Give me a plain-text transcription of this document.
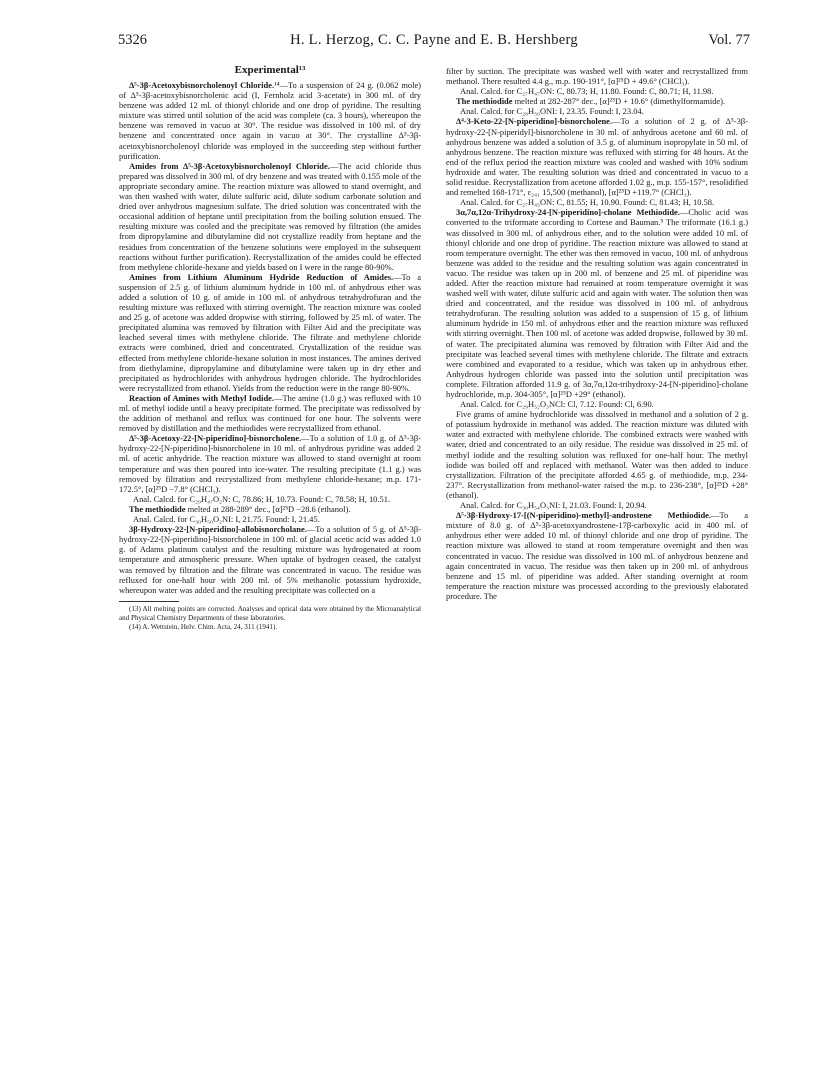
5326	H. L. Herzog, C. C. Payne and E. B. Hershberg	Vol. 77
Experimental¹³

Δ⁵-3β-Acetoxybisnorcholenoyl Chloride.¹⁴—To a suspension of 24 g. (0.062 mole) of Δ⁵-3β-acetoxybisnorcholenic acid (I, Fernholz acid 3-acetate) in 300 ml. of dry benzene was added 12 ml. of thionyl chloride and one drop of pyridine. The resulting mixture was stirred until solution of the acid was complete (ca. 3 hours), whereupon the benzene was removed in vacuo at 30°. The residue was dissolved in 100 ml. of dry benzene and concentrated once again in vacuo at 30°. The crystalline Δ⁵-3β-acetoxybisnorcholenoyl chloride was employed in the succeeding step without further purification.

Amides from Δ⁵-3β-Acetoxybisnorcholenoyl Chloride.—The acid chloride thus prepared was dissolved in 300 ml. of dry benzene and was treated with 0.155 mole of the appropriate secondary amine. The reaction mixture was allowed to stand overnight, and was then washed with water, dilute sulfuric acid, dilute sodium carbonate solution and dried over anhydrous magnesium sulfate. The dried solution was concentrated with the occasional addition of heptane until precipitation from the boiling solution ensued. The resulting mixture was cooled and the precipitate was removed by filtration (the amides from dipropylamine and dibutylamine did not crystallize readily from heptane and the residues from concentration of the benzene solutions were employed in the subsequent reactions without further purification). Recrystallization of the amides could be effected from methylene chloride-hexane and yields based on I were in the range 80-90%.

Amines from Lithium Aluminum Hydride Reduction of Amides.—To a suspension of 2.5 g. of lithium aluminum hydride in 100 ml. of anhydrous ether was added a solution of 10 g. of amide in 100 ml. of anhydrous tetrahydrofuran and the resulting mixture was refluxed with stirring overnight. The reaction mixture was cooled and 25 g. of acetone was added dropwise with stirring, followed by 25 ml. of water. The precipitated alumina was removed by filtration with Filter Aid and the precipitate was leached several times with methylene chloride. The filtrate and methylene chloride extracts were combined, dried and concentrated. Crystallization of the residue was effected from methylene chloride-hexane solution in most instances. The amines derived from diethylamine, dipropylamine and dibutylamine were taken up in dry ether and precipitated as hydrochlorides with anhydrous hydrogen chloride. The hydrochlorides were recrystallized from ethanol. Yields from the reduction were in the range 80-90%.

Reaction of Amines with Methyl Iodide.—The amine (1.0 g.) was refluxed with 10 ml. of methyl iodide until a heavy precipitate formed. The precipitate was redissolved by the addition of methanol and reflux was continued for one hour. The solvents were removed by distillation and the methiodides were recrystallized from ethanol.

Δ⁵-3β-Acetoxy-22-[N-piperidino]-bisnorcholene.—To a solution of 1.0 g. of Δ⁵-3β-hydroxy-22-[N-piperidino]-bisnorcholene in 10 ml. of anhydrous pyridine was added 2 ml. of acetic anhydride. The reaction mixture was allowed to stand overnight at room temperature and was then poured into ice-water. The resulting precipitate (1.1 g.) was removed by filtration and recrystallized from methylene chloride-hexane; m.p. 171-172.5°, [α]²⁵D −7.8° (CHCl₃).

Anal. Calcd. for C₂₉H₄₇O₂N: C, 78.86; H, 10.73. Found: C, 78.58; H, 10.51.

The methiodide melted at 288-289° dec., [α]²⁵D −28.6 (ethanol).

Anal. Calcd. for C₃₀H₅₀O₂NI: I, 21.75. Found: I, 21.45.

3β-Hydroxy-22-[N-piperidino]-allobisnorcholane.—To a solution of 5 g. of Δ⁵-3β-hydroxy-22-[N-piperidino]-bisnorcholene in 100 ml. of glacial acetic acid was added 1.0 g. of Adams platinum catalyst and the resulting mixture was hydrogenated at room temperature and atmospheric pressure. When uptake of hydrogen ceased, the catalyst was removed by filtration and the filtrate was concentrated in vacuo. The residue was refluxed for one-half hour with 200 ml. of 5% methanolic potassium hydroxide, whereupon water was added and the resulting precipitate was collected on a

(13) All melting points are corrected. Analyses and optical data were obtained by the Microanalytical and Physical Chemistry Departments of these laboratories.

(14) A. Wettstein, Helv. Chim. Acta, 24, 311 (1941).

filter by suction. The precipitate was washed well with water and recrystallized from methanol. There resulted 4.4 g., m.p. 190-191°, [α]²⁵D + 49.6° (CHCl₃).

Anal. Calcd. for C₂₇H₄₇ON: C, 80.73; H, 11.80. Found: C, 80.71; H, 11.98.

The methiodide melted at 282-287° dec., [α]²⁵D + 10.6° (dimethylformamide).

Anal. Calcd. for C₂₈H₅₀ONI: I, 23.35. Found: I, 23.04.

Δ⁴-3-Keto-22-[N-piperidino]-bisnorcholene.—To a solution of 2 g. of Δ⁵-3β-hydroxy-22-[N-piperidyl]-bisnorcholene in 30 ml. of anhydrous acetone and 60 ml. of anhydrous benzene was added a solution of 3.5 g. of aluminum isopropylate in 50 ml. of anhydrous benzene. The reaction mixture was refluxed with stirring for 48 hours. At the end of the reflux period the reaction mixture was cooled and washed with 10% sodium hydroxide and water. The resulting solution was dried and concentrated in vacuo to a solid residue. Recrystallization from acetone afforded 1.02 g., m.p. 155-157°, resolidified and remelted 168-171°, ε₂₄₁ 15,500 (methanol), [α]²⁵D +119.7° (CHCl₃).

Anal. Calcd. for C₂₇H₄₃ON: C, 81.55; H, 10.90. Found: C, 81.43; H, 10.58.

3α,7α,12α-Trihydroxy-24-[N-piperidino]-cholane Methiodide.—Cholic acid was converted to the triformate according to Cortese and Bauman.⁵ The triformate (16.1 g.) was dissolved in 300 ml. of anhydrous ether, and to the solution were added 10 ml. of thionyl chloride and one drop of pyridine. The reaction mixture was allowed to stand at room temperature overnight. The ether was then removed in vacuo, 100 ml. of anhydrous benzene was added to the residue and the resulting solution was again concentrated in vacuo. The residue was taken up in 200 ml. of benzene and 25 ml. of piperidine was added. After the reaction mixture had remained at room temperature overnight it was washed well with water, dilute sulfuric acid and again with water. The solution then was dried and concentrated, and the residue was dissolved in 100 ml. of anhydrous tetrahydrofuran. The resulting solution was added to a suspension of 15 g. of lithium aluminum hydride in 150 ml. of anhydrous ether and the reaction mixture was refluxed with stirring overnight. Then 100 ml. of acetone was added dropwise, followed by 30 ml. of water. The precipitated alumina was removed by filtration with Filter Aid and the precipitate was leached several times with methylene chloride. The filtrate and extracts were combined and evaporated to a residue, which was taken up in anhydrous ether. Anhydrous hydrogen chloride was passed into the solution until precipitation was complete. Filtration afforded 11.9 g. of 3α,7α,12α-trihydroxy-24-[N-piperidino]-cholane hydrochloride, m.p. 304-305°, [α]²⁵D +29° (ethanol).

Anal. Calcd. for C₂₉H₅₂O₃NCl: Cl, 7.12. Found: Cl, 6.90.

Five grams of amine hydrochloride was dissolved in methanol and a solution of 2 g. of potassium hydroxide in methanol was added. The reaction mixture was diluted with water and extracted with methylene chloride. The combined extracts were washed with water, dried and concentrated to an oily residue. The residue was dissolved in 25 ml. of methyl iodide and the resulting solution was refluxed for one-half hour. The methyl iodide was boiled off and replaced with methanol. Water was then added to induce crystallization. Filtration of the precipitate afforded 4.65 g. of methiodide, m.p. 234-237°. Recrystallization from methanol-water raised the m.p. to 236-238°, [α]²⁵D +28° (ethanol).

Anal. Calcd. for C₃₀H₅₄O₃NI: I, 21.03. Found: I, 20.94.

Δ⁵-3β-Hydroxy-17-[(N-piperidino)-methyl]-androstene Methiodide.—To a mixture of 8.0 g. of Δ⁵-3β-acetoxyandrostene-17β-carboxylic acid in 400 ml. of anhydrous ether were added 10 ml. of thionyl chloride and one drop of pyridine. The reaction mixture was allowed to stand at room temperature overnight and then was concentrated in vacuo. The residue was dissolved in 100 ml. of anhydrous benzene and again concentrated in vacuo. The residue was then taken up in 200 ml. of anhydrous benzene and 15 ml. of piperidine was added. After standing overnight at room temperature the reaction mixture was processed according to the previously elaborated procedure. The
